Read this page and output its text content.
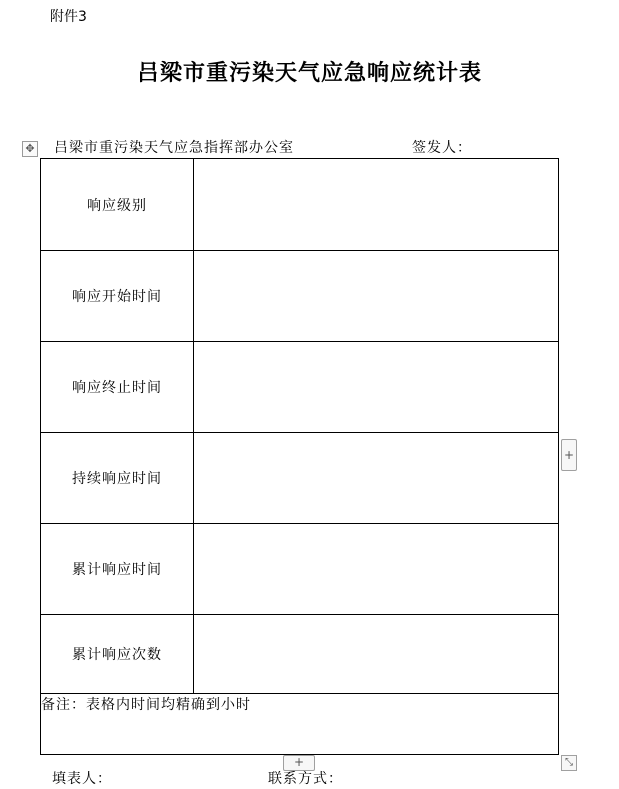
附件3
吕梁市重污染天气应急响应统计表
✥ 吕梁市重污染天气应急指挥部办公室	签发人：
响应级别	
响应开始时间	
响应终止时间	
持续响应时间	
累计响应时间	
累计响应次数	
备注：表格内时间均精确到小时	
+
+	⤡
填表人：	联系方式：
